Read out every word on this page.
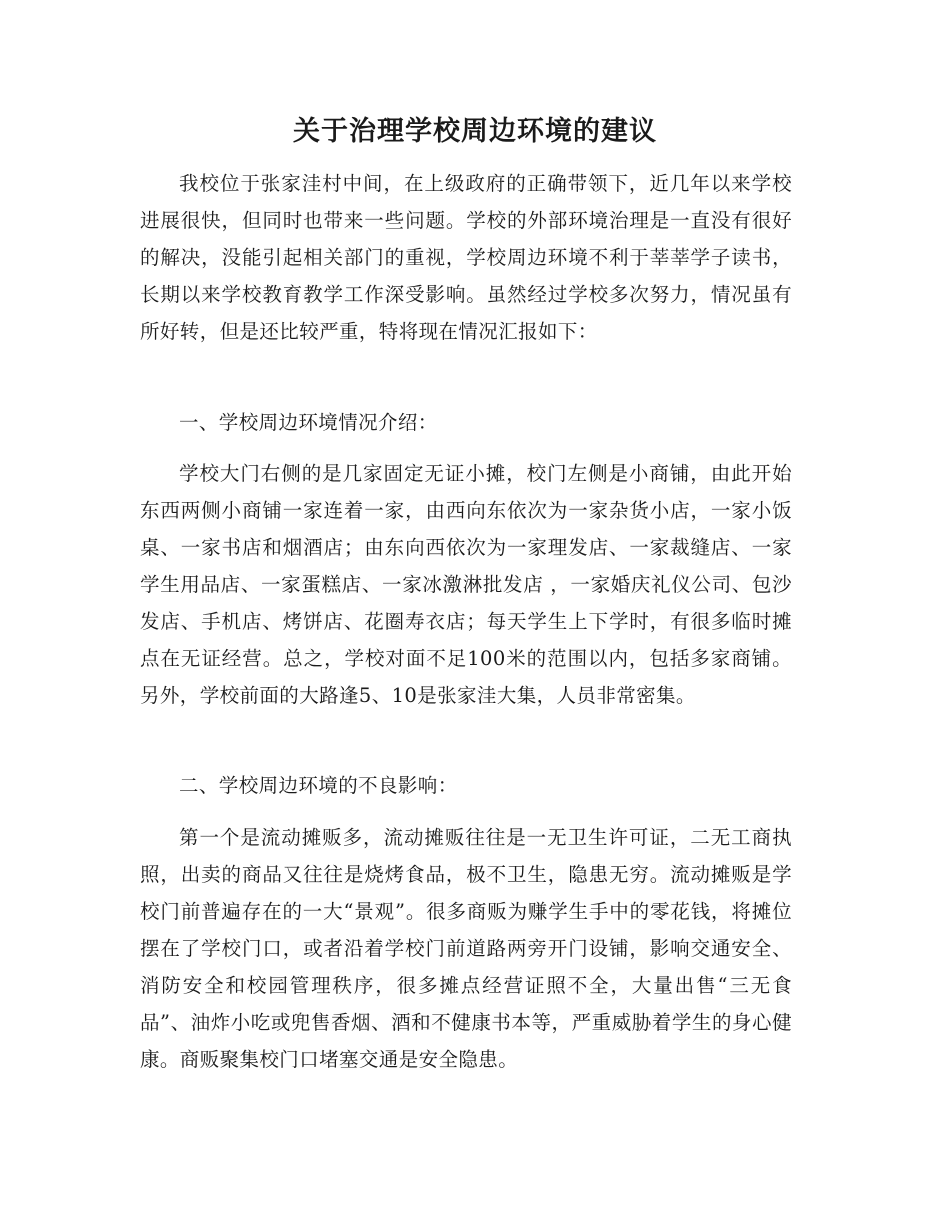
关于治理学校周边环境的建议

我校位于张家洼村中间，在上级政府的正确带领下，近几年以来学校进展很快，但同时也带来一些问题。学校的外部环境治理是一直没有很好的解决，没能引起相关部门的重视，学校周边环境不利于莘莘学子读书，长期以来学校教育教学工作深受影响。虽然经过学校多次努力，情况虽有所好转，但是还比较严重，特将现在情况汇报如下：

一、学校周边环境情况介绍：

学校大门右侧的是几家固定无证小摊，校门左侧是小商铺，由此开始东西两侧小商铺一家连着一家，由西向东依次为一家杂货小店，一家小饭桌、一家书店和烟酒店；由东向西依次为一家理发店、一家裁缝店、一家学生用品店、一家蛋糕店、一家冰激淋批发店 ，一家婚庆礼仪公司、包沙发店、手机店、烤饼店、花圈寿衣店；每天学生上下学时，有很多临时摊点在无证经营。总之，学校对面不足100米的范围以内，包括多家商铺。另外，学校前面的大路逢5、10是张家洼大集，人员非常密集。

二、学校周边环境的不良影响：

第一个是流动摊贩多，流动摊贩往往是一无卫生许可证，二无工商执照，出卖的商品又往往是烧烤食品，极不卫生，隐患无穷。流动摊贩是学校门前普遍存在的一大“景观”。很多商贩为赚学生手中的零花钱，将摊位摆在了学校门口，或者沿着学校门前道路两旁开门设铺，影响交通安全、消防安全和校园管理秩序，很多摊点经营证照不全，大量出售“三无食品”、油炸小吃或兜售香烟、酒和不健康书本等，严重威胁着学生的身心健康。商贩聚集校门口堵塞交通是安全隐患。
